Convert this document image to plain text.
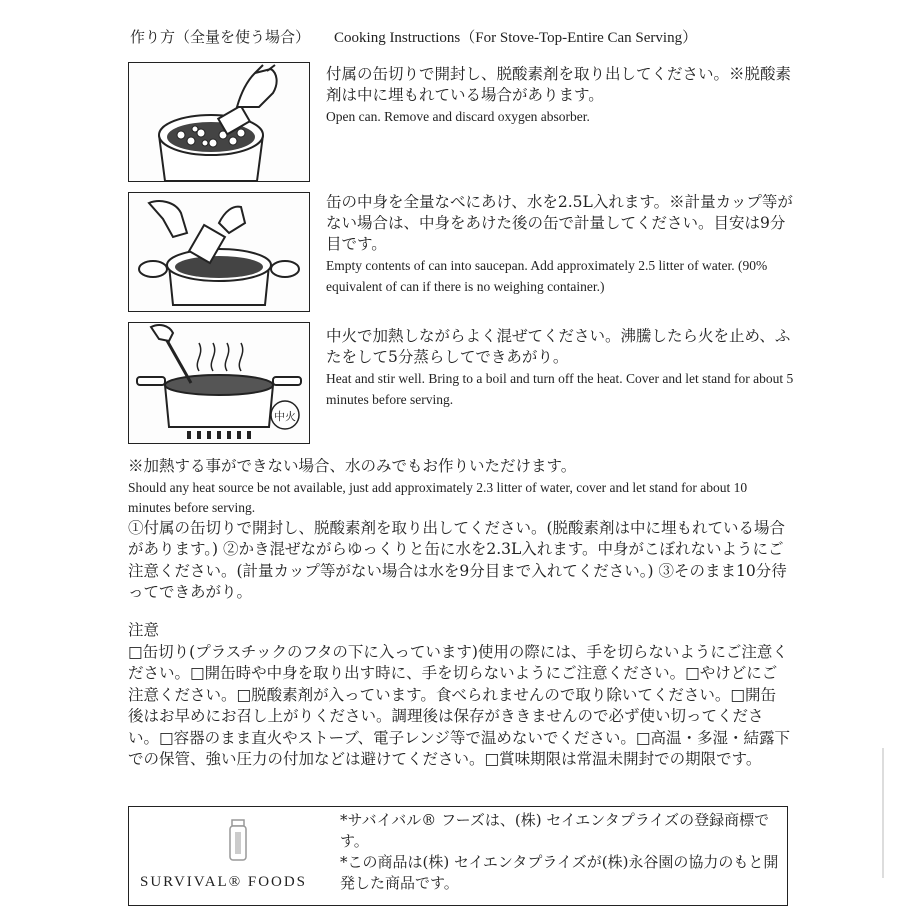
作り方（全量を使う場合） Cooking Instructions（For Stove-Top-Entire Can Serving）
付属の缶切りで開封し、脱酸素剤を取り出してください。※脱酸素剤は中に埋もれている場合があります。
Open can. Remove and discard oxygen absorber.
缶の中身を全量なべにあけ、水を2.5L入れます。※計量カップ等がない場合は、中身をあけた後の缶で計量してください。目安は9分目です。
Empty contents of can into saucepan. Add approximately 2.5 litter of water. (90% equivalent of can if there is no weighing container.)
中火
中火で加熱しながらよく混ぜてください。沸騰したら火を止め、ふたをして5分蒸らしてできあがり。
Heat and stir well. Bring to a boil and turn off the heat. Cover and let stand for about 5 minutes before serving.
※加熱する事ができない場合、水のみでもお作りいただけます。
Should any heat source be not available, just add approximately 2.3 litter of water, cover and let stand for about 10 minutes before serving.
①付属の缶切りで開封し、脱酸素剤を取り出してください。(脱酸素剤は中に埋もれている場合があります。) ②かき混ぜながらゆっくりと缶に水を2.3L入れます。中身がこぼれないようにご注意ください。(計量カップ等がない場合は水を9分目まで入れてください。) ③そのまま10分待ってできあがり。
注意
□缶切り(プラスチックのフタの下に入っています)使用の際には、手を切らないようにご注意ください。□開缶時や中身を取り出す時に、手を切らないようにご注意ください。□やけどにご注意ください。□脱酸素剤が入っています。食べられませんので取り除いてください。□開缶後はお早めにお召し上がりください。調理後は保存がききませんので必ず使い切ってください。□容器のまま直火やストーブ、電子レンジ等で温めないでください。□高温・多湿・結露下での保管、強い圧力の付加などは避けてください。□賞味期限は常温未開封での期限です。
SURVIVAL® FOODS
*サバイバル® フーズは、(株) セイエンタプライズの登録商標です。
*この商品は(株) セイエンタプライズが(株)永谷園の協力のもと開発した商品です。
